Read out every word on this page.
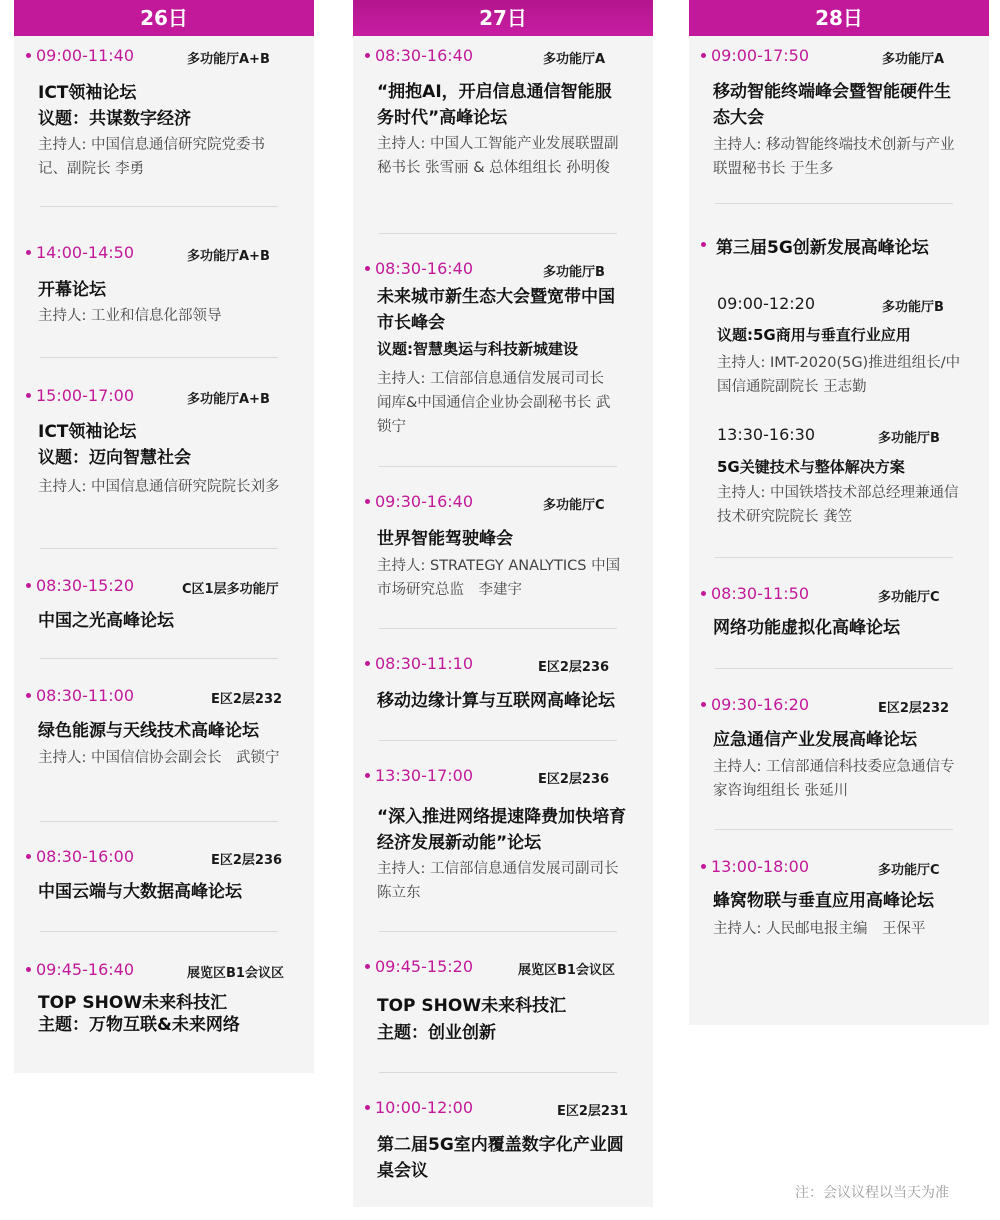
26日
09:00-11:40	多功能厅A+B
ICT领袖论坛
议题：共谋数字经济
主持人: 中国信息通信研究院党委书记、副院长 李勇
14:00-14:50	多功能厅A+B
开幕论坛
主持人: 工业和信息化部领导
15:00-17:00	多功能厅A+B
ICT领袖论坛
议题：迈向智慧社会
主持人: 中国信息通信研究院院长刘多
08:30-15:20	C区1层多功能厅
中国之光高峰论坛
08:30-11:00	E区2层232
绿色能源与天线技术高峰论坛
主持人: 中国信信协会副会长　武锁宁
08:30-16:00	E区2层236
中国云端与大数据高峰论坛
09:45-16:40	展览区B1会议区
TOP SHOW未来科技汇
主题：万物互联&未来网络
27日
08:30-16:40	多功能厅A
“拥抱AI，开启信息通信智能服务时代”高峰论坛
主持人: 中国人工智能产业发展联盟副秘书长 张雪丽 & 总体组组长 孙明俊
08:30-16:40	多功能厅B
未来城市新生态大会暨宽带中国市长峰会
议题:智慧奥运与科技新城建设
主持人: 工信部信息通信发展司司长　闻库&中国通信企业协会副秘书长 武锁宁
09:30-16:40	多功能厅C
世界智能驾驶峰会
主持人: STRATEGY ANALYTICS 中国市场研究总监　李建宇
08:30-11:10	E区2层236
移动边缘计算与互联网高峰论坛
13:30-17:00	E区2层236
“深入推进网络提速降费加快培育经济发展新动能”论坛
主持人: 工信部信息通信发展司副司长　陈立东
09:45-15:20	展览区B1会议区
TOP SHOW未来科技汇
主题：创业创新
10:00-12:00	E区2层231
第二届5G室内覆盖数字化产业圆桌会议
28日
09:00-17:50	多功能厅A
移动智能终端峰会暨智能硬件生态大会
主持人: 移动智能终端技术创新与产业联盟秘书长 于生多
第三届5G创新发展高峰论坛
09:00-12:20	多功能厅B
议题:5G商用与垂直行业应用
主持人: IMT-2020(5G)推进组组长/中国信通院副院长 王志勤
13:30-16:30	多功能厅B
5G关键技术与整体解决方案
主持人: 中国铁塔技术部总经理兼通信技术研究院院长 龚笠
08:30-11:50	多功能厅C
网络功能虚拟化高峰论坛
09:30-16:20	E区2层232
应急通信产业发展高峰论坛
主持人: 工信部通信科技委应急通信专家咨询组组长 张延川
13:00-18:00	多功能厅C
蜂窝物联与垂直应用高峰论坛
主持人: 人民邮电报主编　王保平
注：会议议程以当天为准
